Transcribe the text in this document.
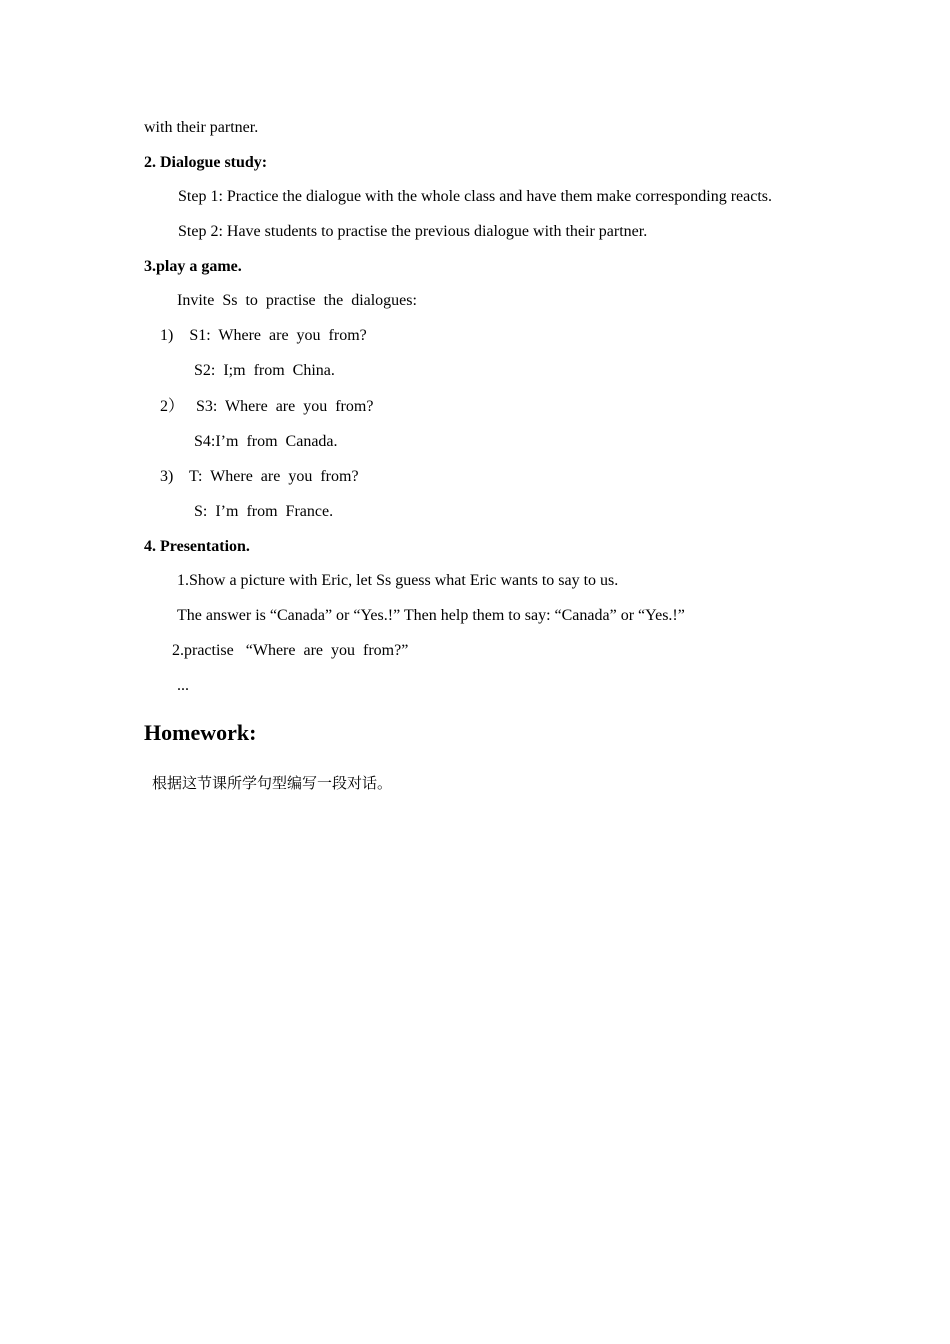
with their partner.
2. Dialogue study:
Step 1: Practice the dialogue with the whole class and have them make corresponding reacts.
Step 2: Have students to practise the previous dialogue with their partner.
3.play a game.
Invite  Ss  to  practise  the  dialogues:
1)    S1:  Where  are  you  from?
S2:  I;m  from  China.
2）   S3:  Where  are  you  from?
S4:I’m  from  Canada.
3)    T:  Where  are  you  from?
S:  I’m  from  France.
4. Presentation.
1.Show a picture with Eric, let Ss guess what Eric wants to say to us.
The answer is “Canada” or “Yes.!” Then help them to say: “Canada” or “Yes.!”
2.practise   “Where  are  you  from?”
...
Homework:
根据这节课所学句型编写一段对话。
